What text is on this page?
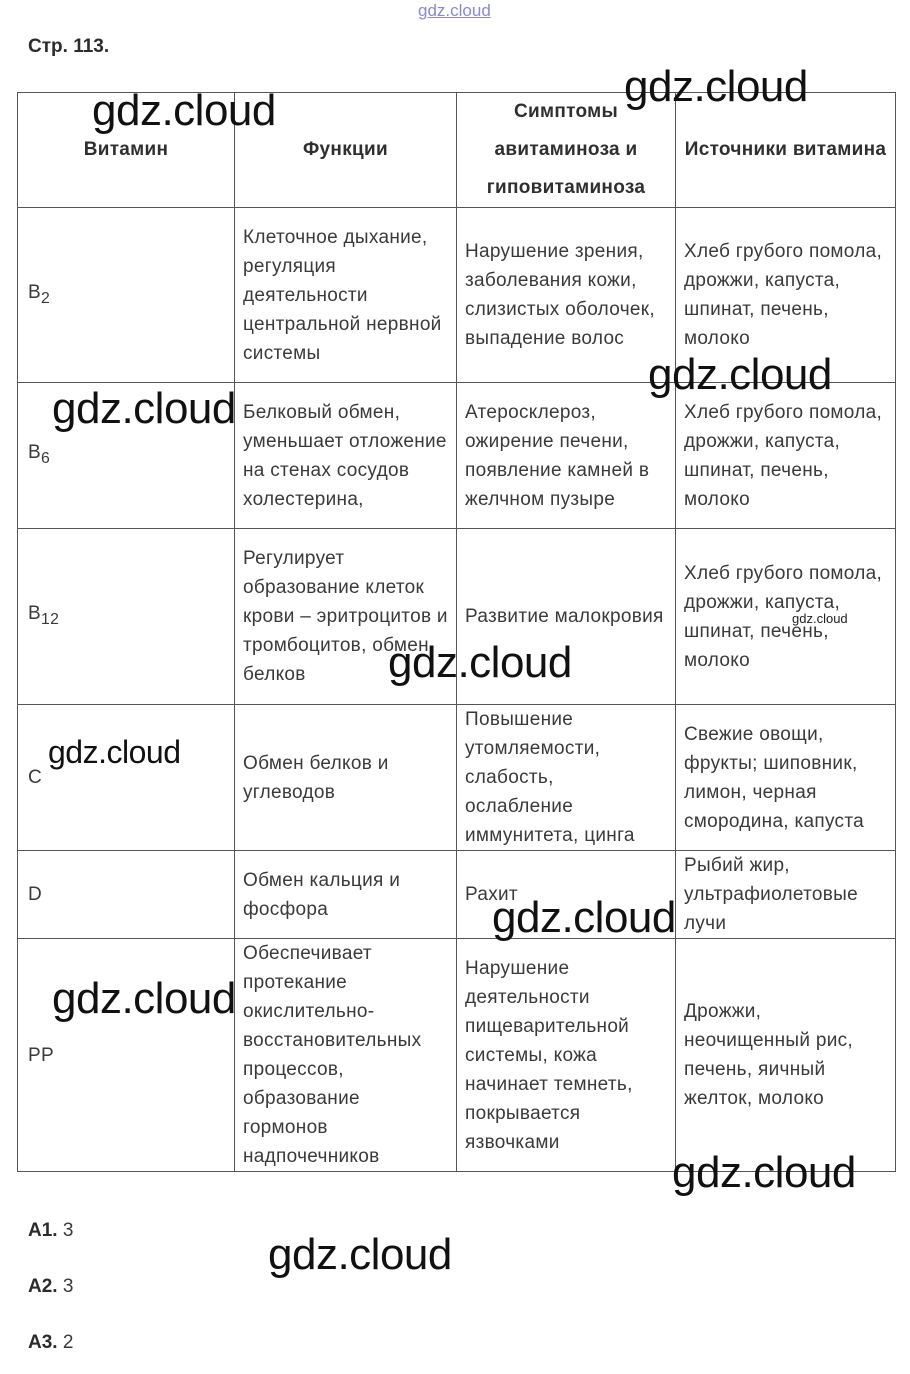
gdz.cloud
Стр. 113.
Витамин	Функции	Симптомы авитаминоза и гиповитаминоза	Источники витамина
$B_2$	Клеточное дыхание, регуляция деятельности центральной нервной системы	Нарушение зрения, заболевания кожи, слизистых оболочек, выпадение волос	Хлеб грубого помола, дрожжи, капуста, шпинат, печень, молоко
$B_6$	Белковый обмен, уменьшает отложение на стенах сосудов холестерина,	Атеросклероз, ожирение печени, появление камней в желчном пузыре	Хлеб грубого помола, дрожжи, капуста, шпинат, печень, молоко
$B_{12}$	Регулирует образование клеток крови – эритроцитов и тромбоцитов, обмен белков	Развитие малокровия	Хлеб грубого помола, дрожжи, капуста, шпинат, печень, молоко
C	Обмен белков и углеводов	Повышение утомляемости, слабость, ослабление иммунитета, цинга	Свежие овощи, фрукты; шиповник, лимон, черная смородина, капуста
D	Обмен кальция и фосфора	Рахит	Рыбий жир, ультрафиолетовые лучи
PP	Обеспечивает протекание окислительно-восстановительных процессов, образование гормонов надпочечников	Нарушение деятельности пищеварительной системы, кожа начинает темнеть, покрывается язвочками	Дрожжи, неочищенный рис, печень, яичный желток, молоко
А1. 3
А2. 3
А3. 2
gdz.cloud	gdz.cloud
gdz.cloud
gdz.cloud
gdz.cloud
gdz.cloud
gdz.cloud
gdz.cloud
gdz.cloud
gdz.cloud
gdz.cloud
